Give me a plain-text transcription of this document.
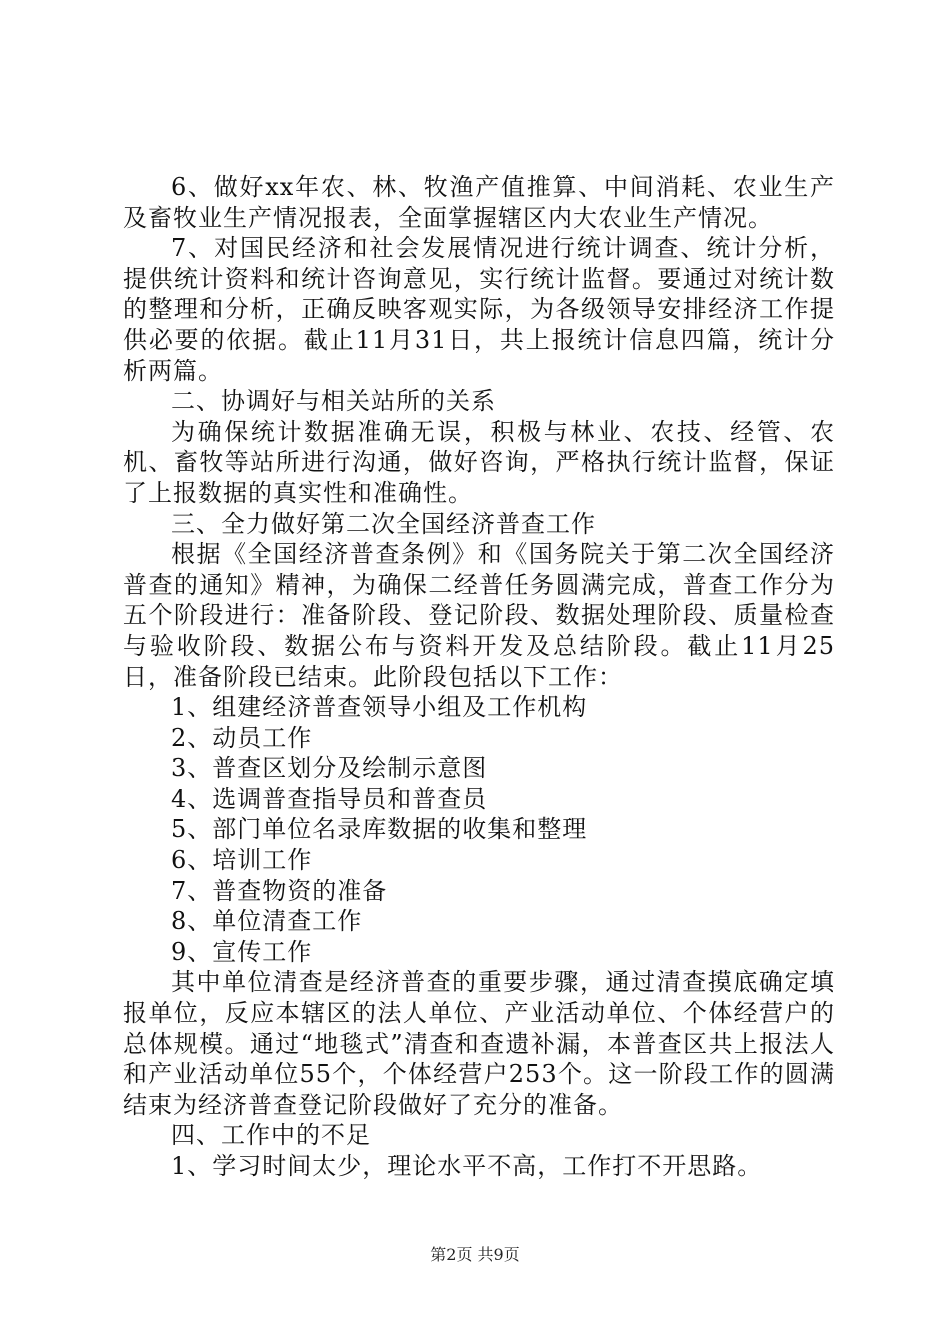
6、做好xx年农、林、牧渔产值推算、中间消耗、农业生产及畜牧业生产情况报表，全面掌握辖区内大农业生产情况。

7、对国民经济和社会发展情况进行统计调查、统计分析，提供统计资料和统计咨询意见，实行统计监督。要通过对统计数的整理和分析，正确反映客观实际，为各级领导安排经济工作提供必要的依据。截止11月31日，共上报统计信息四篇，统计分析两篇。

二、协调好与相关站所的关系

为确保统计数据准确无误，积极与林业、农技、经管、农机、畜牧等站所进行沟通，做好咨询，严格执行统计监督，保证了上报数据的真实性和准确性。

三、全力做好第二次全国经济普查工作

根据《全国经济普查条例》和《国务院关于第二次全国经济普查的通知》精神，为确保二经普任务圆满完成，普查工作分为五个阶段进行：准备阶段、登记阶段、数据处理阶段、质量检查与验收阶段、数据公布与资料开发及总结阶段。截止11月25日，准备阶段已结束。此阶段包括以下工作：

1、组建经济普查领导小组及工作机构

2、动员工作

3、普查区划分及绘制示意图

4、选调普查指导员和普查员

5、部门单位名录库数据的收集和整理

6、培训工作

7、普查物资的准备

8、单位清查工作

9、宣传工作

其中单位清查是经济普查的重要步骤，通过清查摸底确定填报单位，反应本辖区的法人单位、产业活动单位、个体经营户的总体规模。通过“地毯式”清查和查遗补漏，本普查区共上报法人和产业活动单位55个，个体经营户253个。这一阶段工作的圆满结束为经济普查登记阶段做好了充分的准备。

四、工作中的不足

1、学习时间太少，理论水平不高，工作打不开思路。

第2页 共9页
